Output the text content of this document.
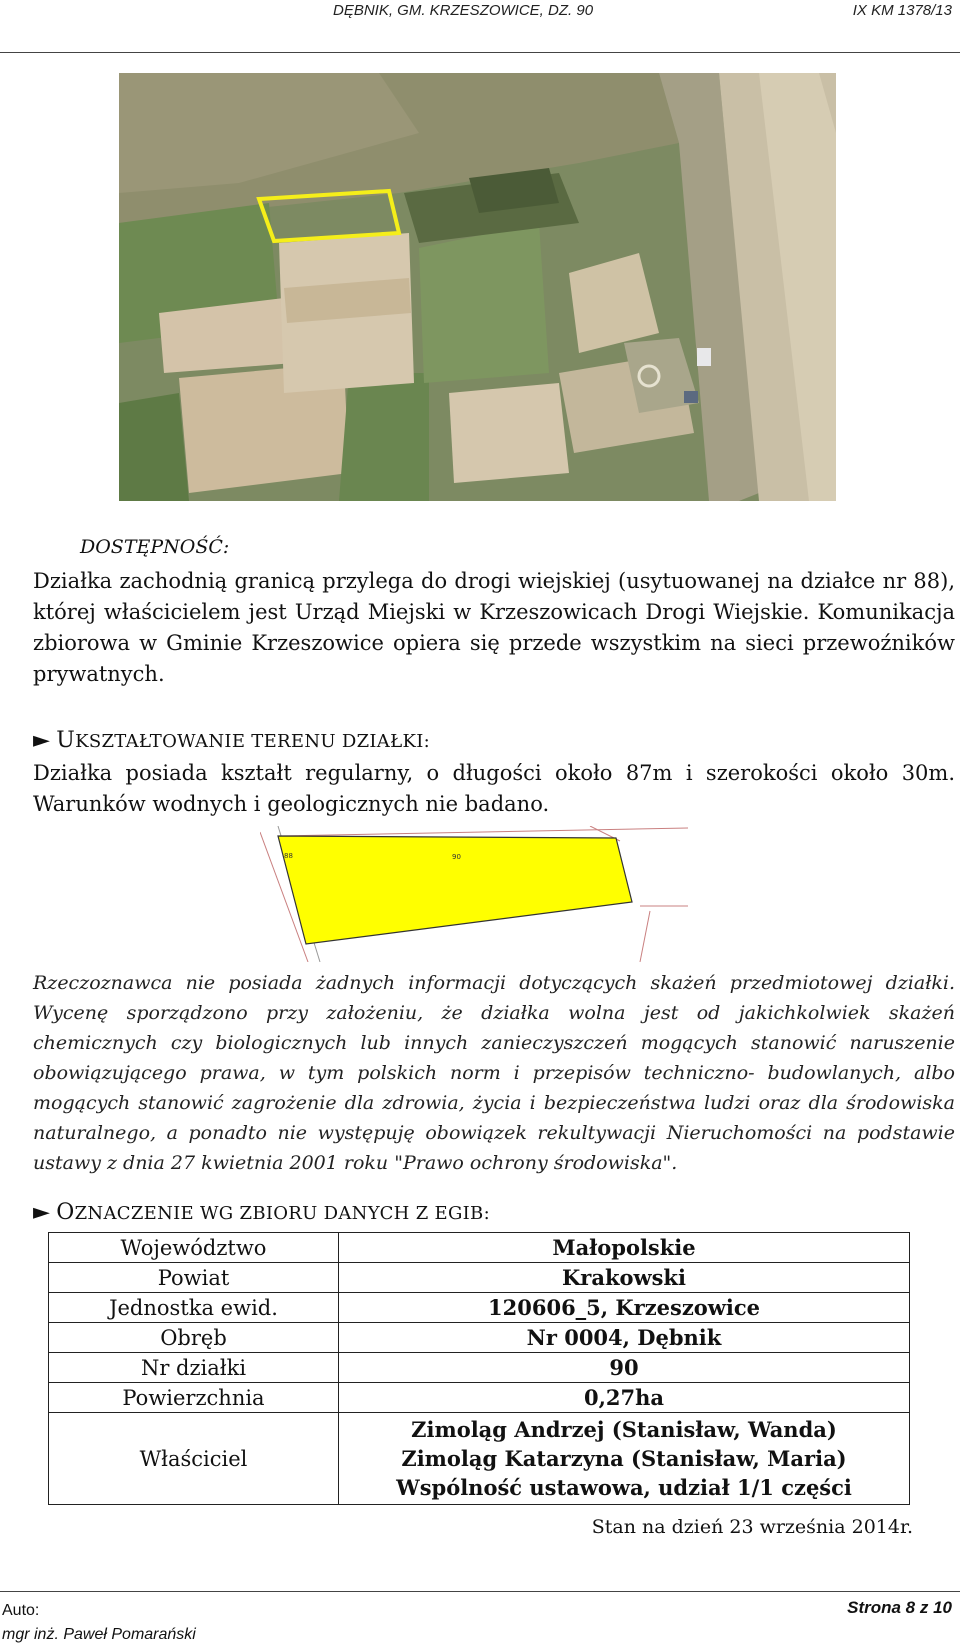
DĘBNIK, GM. KRZESZOWICE, DZ. 90	IX KM 1378/13
DOSTĘPNOŚĆ:
Działka zachodnią granicą przylega do drogi wiejskiej (usytuowanej na działce nr 88), której właścicielem jest Urząd Miejski w Krzeszowicach Drogi Wiejskie. Komunikacja zbiorowa w Gminie Krzeszowice opiera się przede wszystkim na sieci przewoźników prywatnych.
► UKSZTAŁTOWANIE TERENU DZIAŁKI:
Działka posiada kształt regularny, o długości około 87m i szerokości około 30m. Warunków wodnych i geologicznych nie badano.
88	90
Rzeczoznawca nie posiada żadnych informacji dotyczących skażeń przedmiotowej działki. Wycenę sporządzono przy założeniu, że działka wolna jest od jakichkolwiek skażeń chemicznych czy biologicznych lub innych zanieczyszczeń mogących stanowić naruszenie obowiązującego prawa, w tym polskich norm i przepisów techniczno- budowlanych, albo mogących stanowić zagrożenie dla zdrowia, życia i bezpieczeństwa ludzi oraz dla środowiska naturalnego, a ponadto nie występuję obowiązek rekultywacji Nieruchomości na podstawie ustawy z dnia 27 kwietnia 2001 roku "Prawo ochrony środowiska".
► OZNACZENIE WG ZBIORU DANYCH Z EGIB:
Województwo	Małopolskie
Powiat	Krakowski
Jednostka ewid.	120606_5, Krzeszowice
Obręb	Nr 0004, Dębnik
Nr działki	90
Powierzchnia	0,27ha
Właściciel	Zimoląg Andrzej (Stanisław, Wanda)
Zimoląg Katarzyna (Stanisław, Maria)
Wspólność ustawowa, udział 1/1 części
Stan na dzień 23 września 2014r.
Auto:
mgr inż. Paweł Pomarański
Strona 8 z 10
